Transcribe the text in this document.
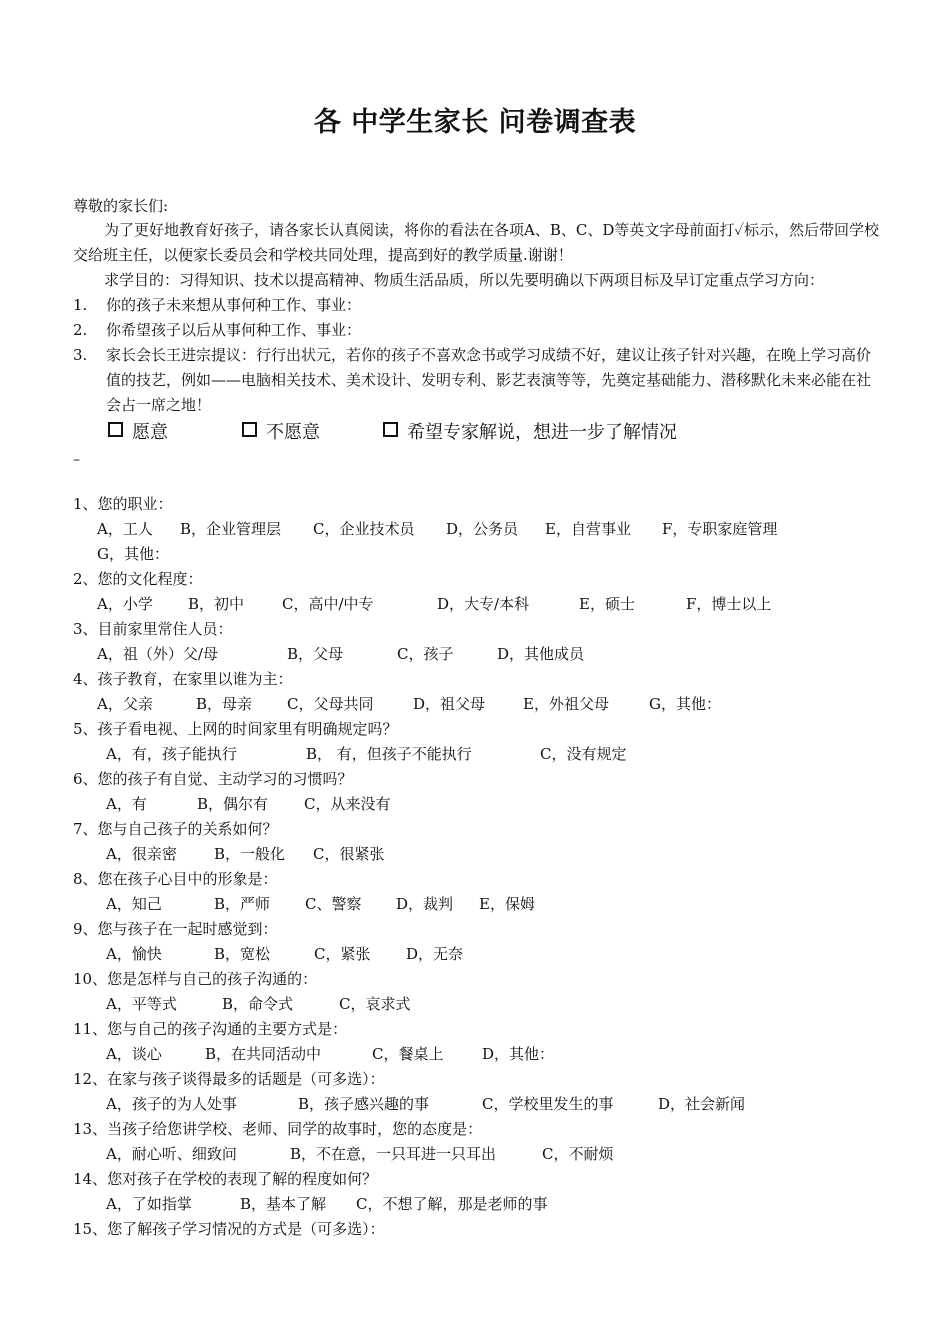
各 中学生家长 问卷调查表
尊敬的家长们:
为了更好地教育好孩子，请各家长认真阅读，将你的看法在各项A、B、C、D等英文字母前面打✓标示，然后带回学校交给班主任，以便家长委员会和学校共同处理，提高到好的教学质量.谢谢！
求学目的：习得知识、技术以提高精神、物质生活品质，所以先要明确以下两项目标及早订定重点学习方向：
1. 你的孩子未来想从事何种工作、事业：
2. 你希望孩子以后从事何种工作、事业：
3. 家长会长王进宗提议：行行出状元，若你的孩子不喜欢念书或学习成绩不好，建议让孩子针对兴趣，在晚上学习高价值的技艺，例如——电脑相关技术、美术设计、发明专利、影艺表演等等，先奠定基础能力、潜移默化未来必能在社会占一席之地！
愿意	不愿意	希望专家解说，想进一步了解情况
–
1、您的职业：
A，工人 B，企业管理层 C，企业技术员 D，公务员 E，自营事业 F，专职家庭管理
G，其他：
2、您的文化程度：
A，小学 B，初中	C，高中/中专	D，大专/本科	E，硕士	F，博士以上
3、目前家里常住人员：
A，祖（外）父/母	B，父母	C，孩子	D，其他成员
4、孩子教育，在家里以谁为主：
A，父亲	B，母亲 C，父母共同	D，祖父母	E，外祖父母	G，其他：
5、孩子看电视、上网的时间家里有明确规定吗？
A，有，孩子能执行	B， 有，但孩子不能执行	C，没有规定
6、您的孩子有自觉、主动学习的习惯吗？
A，有	B，偶尔有 C，从来没有
7、您与自己孩子的关系如何？
A，很亲密 B，一般化 C，很紧张
8、您在孩子心目中的形象是：
A，知己	B，严师 C、警察 D，裁判 E，保姆
9、您与孩子在一起时感觉到：
A，愉快	B，宽松	C，紧张 D，无奈
10、您是怎样与自己的孩子沟通的：
A，平等式	B，命令式	C，哀求式
11、您与自己的孩子沟通的主要方式是：
A，谈心	B，在共同活动中	C，餐桌上	D，其他：
12、在家与孩子谈得最多的话题是（可多选）：
A，孩子的为人处事	B，孩子感兴趣的事	C，学校里发生的事	D，社会新闻
13、当孩子给您讲学校、老师、同学的故事时，您的态度是：
A，耐心听、细致问	B，不在意，一只耳进一只耳出	C，不耐烦
14、您对孩子在学校的表现了解的程度如何？
A，了如指掌	B，基本了解 C，不想了解，那是老师的事
15、您了解孩子学习情况的方式是（可多选）：
